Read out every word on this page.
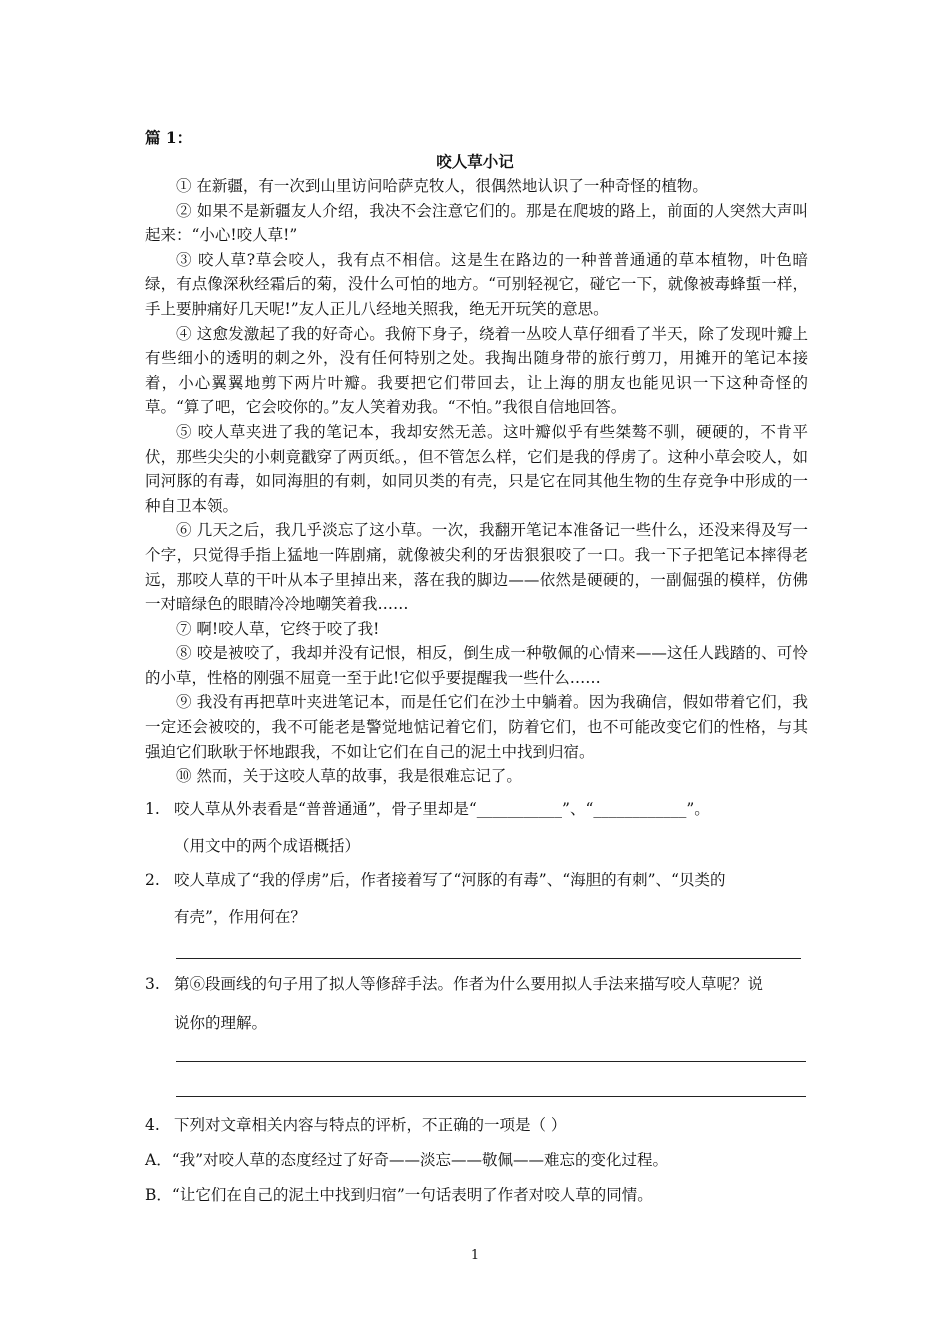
篇 1：
咬人草小记

① 在新疆，有一次到山里访问哈萨克牧人，很偶然地认识了一种奇怪的植物。

② 如果不是新疆友人介绍，我决不会注意它们的。那是在爬坡的路上，前面的人突然大声叫起来：“小心!咬人草!”

③ 咬人草?草会咬人，我有点不相信。这是生在路边的一种普普通通的草本植物，叶色暗绿，有点像深秋经霜后的菊，没什么可怕的地方。“可别轻视它，碰它一下，就像被毒蜂蜇一样，手上要肿痛好几天呢!”友人正儿八经地关照我，绝无开玩笑的意思。

④ 这愈发激起了我的好奇心。我俯下身子，绕着一丛咬人草仔细看了半天，除了发现叶瓣上有些细小的透明的刺之外，没有任何特别之处。我掏出随身带的旅行剪刀，用摊开的笔记本接着，小心翼翼地剪下两片叶瓣。我要把它们带回去，让上海的朋友也能见识一下这种奇怪的草。“算了吧，它会咬你的。”友人笑着劝我。“不怕。”我很自信地回答。

⑤ 咬人草夹进了我的笔记本，我却安然无恙。这叶瓣似乎有些桀骜不驯，硬硬的，不肯平伏，那些尖尖的小刺竟戳穿了两页纸。，但不管怎么样，它们是我的俘虏了。这种小草会咬人，如同河豚的有毒，如同海胆的有刺，如同贝类的有壳，只是它在同其他生物的生存竞争中形成的一种自卫本领。

⑥ 几天之后，我几乎淡忘了这小草。一次，我翻开笔记本准备记一些什么，还没来得及写一个字，只觉得手指上猛地一阵剧痛，就像被尖利的牙齿狠狠咬了一口。我一下子把笔记本摔得老远，那咬人草的干叶从本子里掉出来，落在我的脚边——依然是硬硬的，一副倔强的模样，仿佛一对暗绿色的眼睛冷冷地嘲笑着我……

⑦ 啊!咬人草，它终于咬了我!

⑧ 咬是被咬了，我却并没有记恨，相反，倒生成一种敬佩的心情来——这任人践踏的、可怜的小草，性格的刚强不屈竟一至于此!它似乎要提醒我一些什么……

⑨ 我没有再把草叶夹进笔记本，而是任它们在沙土中躺着。因为我确信，假如带着它们，我一定还会被咬的，我不可能老是警觉地惦记着它们，防着它们，也不可能改变它们的性格，与其强迫它们耿耿于怀地跟我，不如让它们在自己的泥土中找到归宿。

⑩ 然而，关于这咬人草的故事，我是很难忘记了。

1. 咬人草从外表看是“普普通通”，骨子里却是“___________”、“____________”。
（用文中的两个成语概括）
2. 咬人草成了“我的俘虏”后，作者接着写了“河豚的有毒”、“海胆的有刺”、“贝类的
有壳”，作用何在？
3. 第⑥段画线的句子用了拟人等修辞手法。作者为什么要用拟人手法来描写咬人草呢？说
说你的理解。
4. 下列对文章相关内容与特点的评析，不正确的一项是（ ）
A．“我”对咬人草的态度经过了好奇——淡忘——敬佩——难忘的变化过程。
B．“让它们在自己的泥土中找到归宿”一句话表明了作者对咬人草的同情。
1
